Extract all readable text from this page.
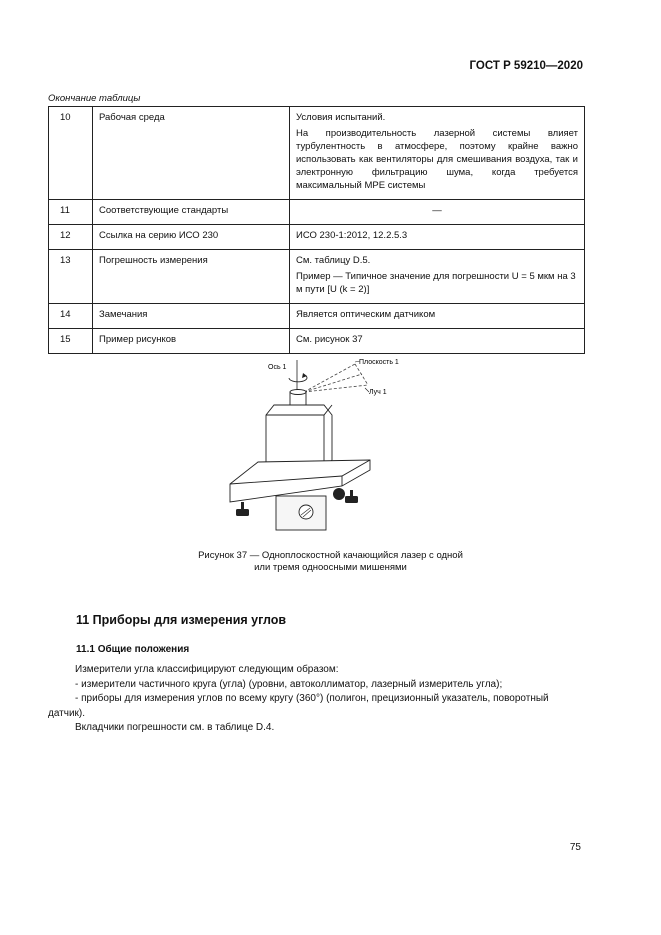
ГОСТ Р 59210—2020
Окончание таблицы
10	Рабочая среда	Условия испытаний.

На производительность лазерной системы влияет турбулентность в атмосфере, поэтому крайне важно использовать как вентиляторы для смешивания воздуха, так и электронную фильтрацию шума, когда требуется максимальный MPE системы

11	Соответствующие стандарты	—

12	Ссылка на серию ИСО 230	ИСО 230-1:2012, 12.2.5.3

13	Погрешность измерения	См. таблицу D.5.

Пример — Типичное значение для погрешности U = 5 мкм на 3 м пути [U (k = 2)]

14	Замечания	Является оптическим датчиком

15	Пример рисунков	См. рисунок 37

Ось 1
Плоскость 1
Луч 1
Рисунок 37 — Одноплоскостной качающийся лазер с одной
или тремя одноосными мишенями
11 Приборы для измерения углов
11.1 Общие положения

Измерители угла классифицируют следующим образом:

- измерители частичного круга (угла) (уровни, автоколлиматор, лазерный измеритель угла);

- приборы для измерения углов по всему кругу (360°) (полигон, прецизионный указатель, поворотный датчик).

Вкладчики погрешности см. в таблице D.4.

75
